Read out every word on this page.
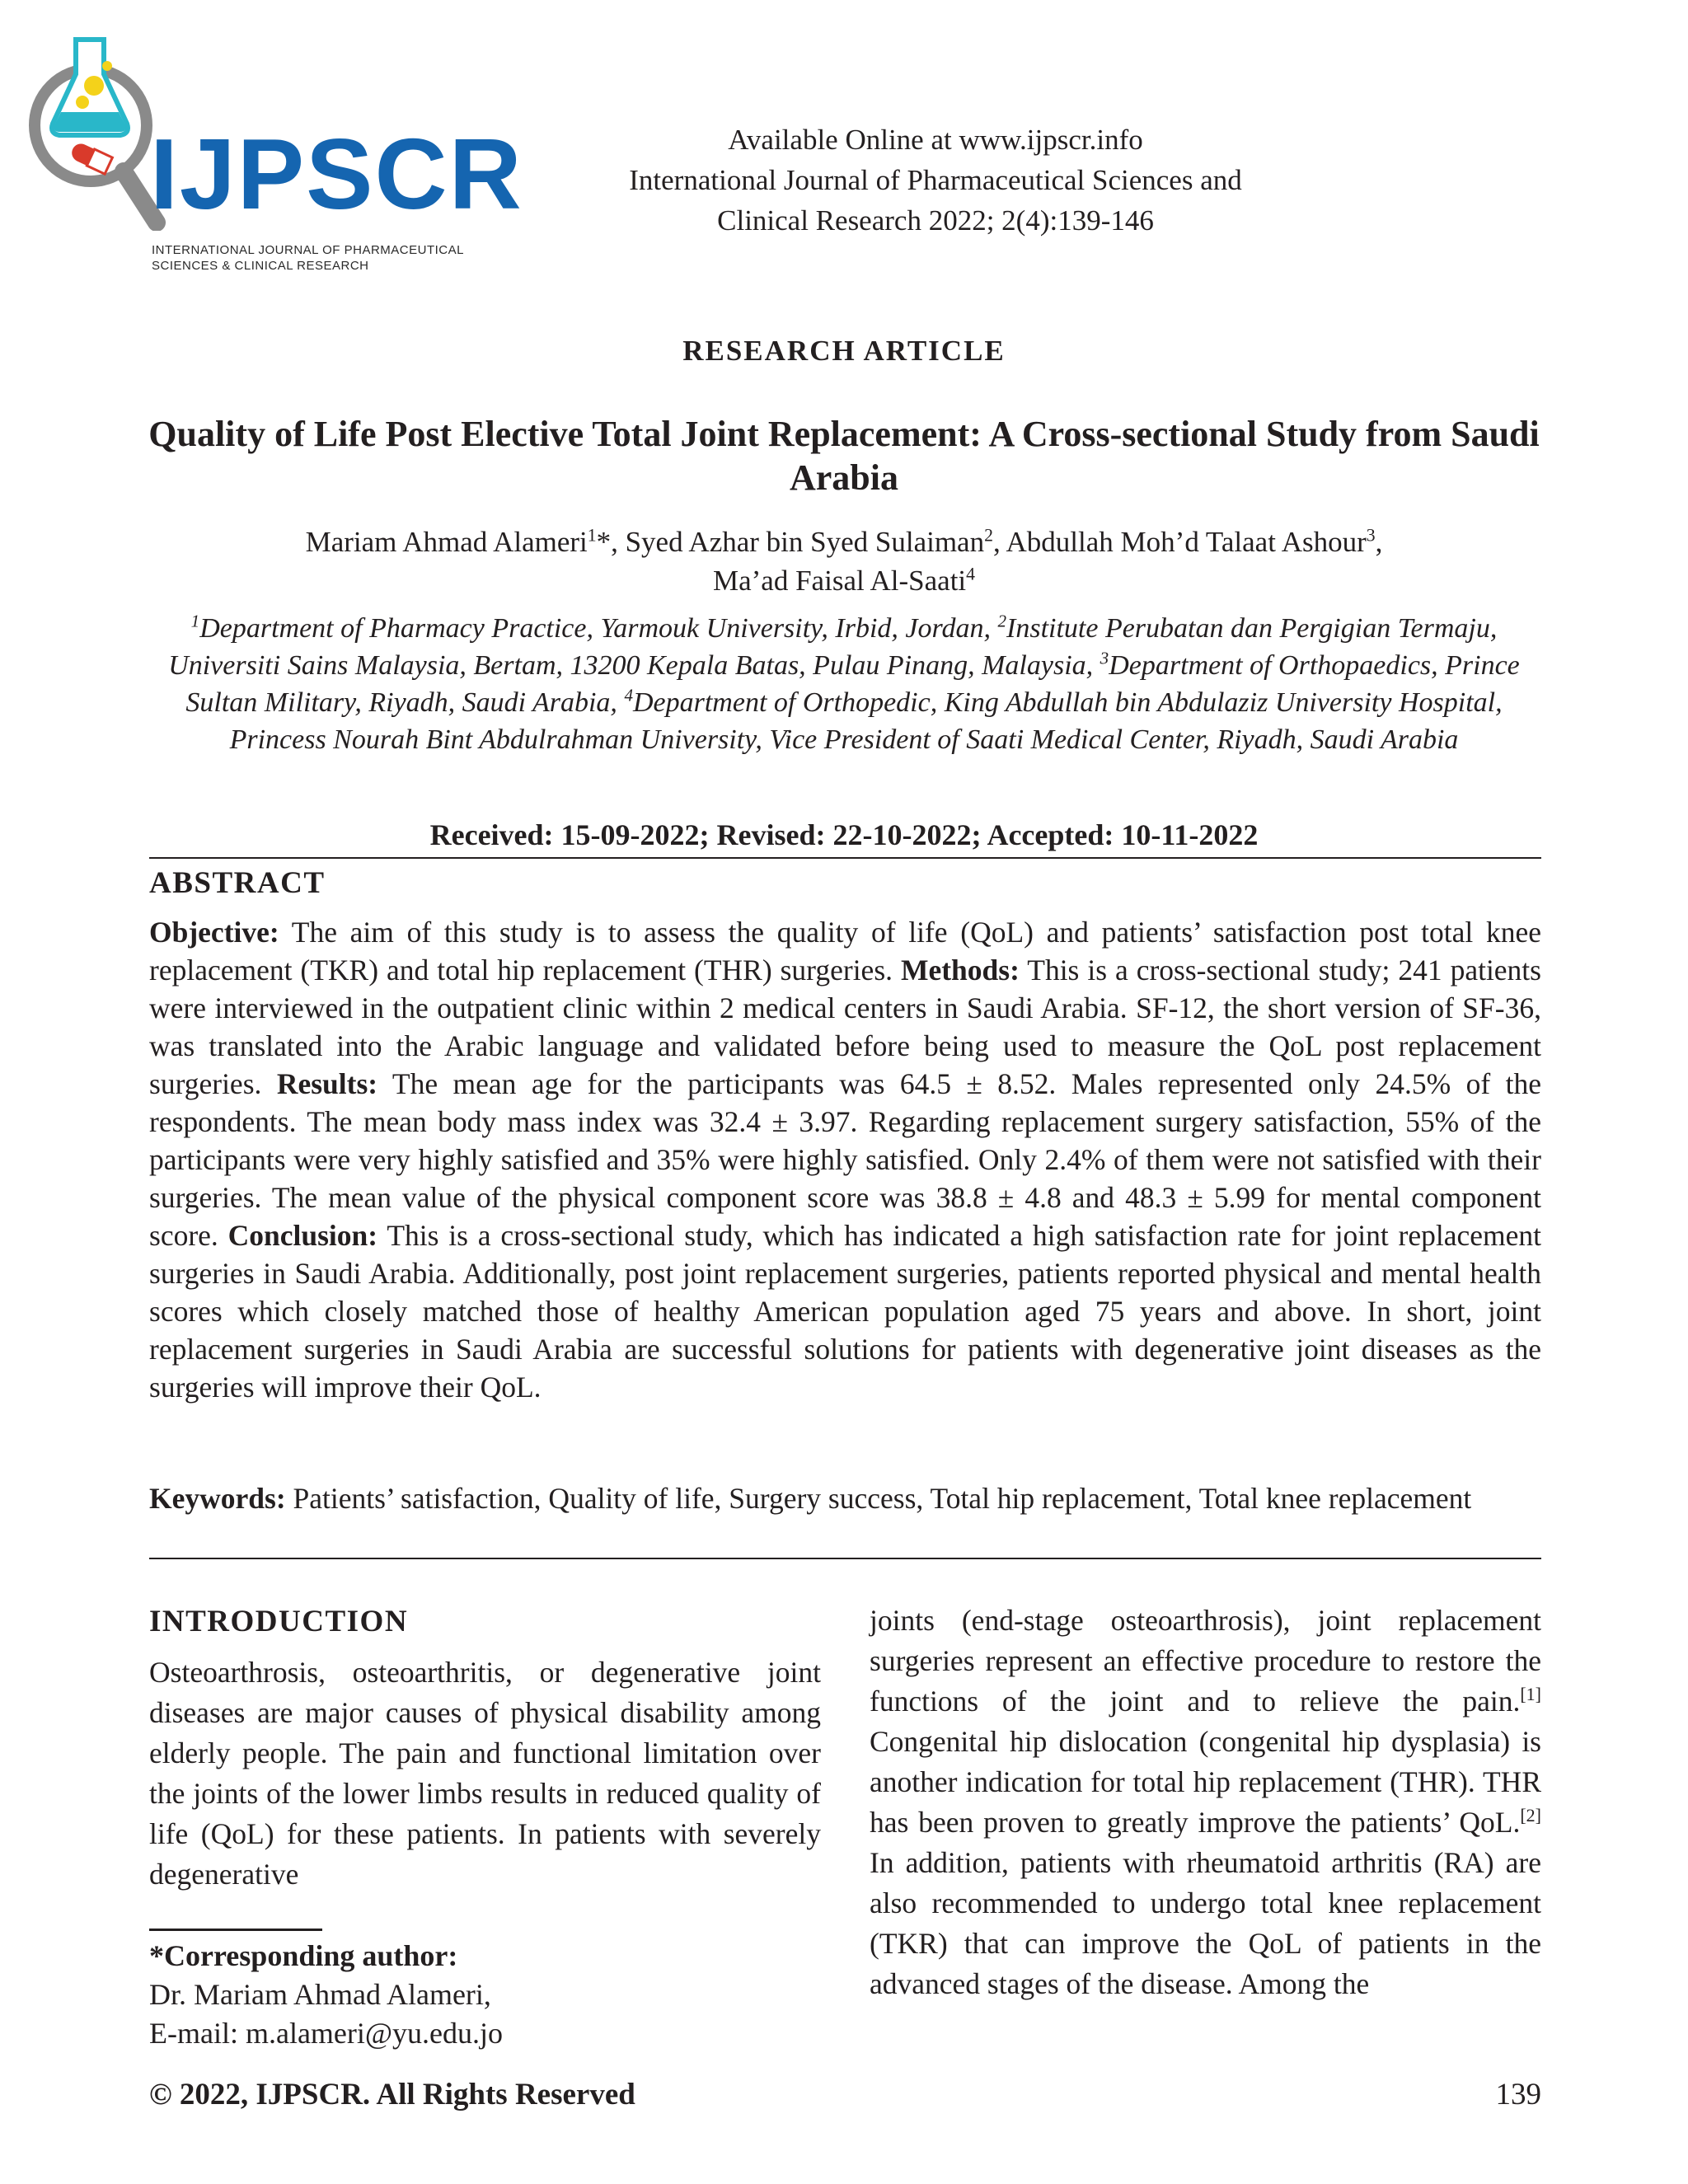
IJPSCR
INTERNATIONAL JOURNAL OF PHARMACEUTICAL
SCIENCES & CLINICAL RESEARCH
Available Online at www.ijpscr.info
International Journal of Pharmaceutical Sciences and
Clinical Research 2022; 2(4):139-146
RESEARCH ARTICLE
Quality of Life Post Elective Total Joint Replacement: A Cross-sectional Study from Saudi Arabia
Mariam Ahmad Alameri$^1$*, Syed Azhar bin Syed Sulaiman$^2$, Abdullah Moh’d Talaat Ashour$^3$,
Ma’ad Faisal Al-Saati$^4$
$^1$Department of Pharmacy Practice, Yarmouk University, Irbid, Jordan, $^2$Institute Perubatan dan Pergigian Termaju, Universiti Sains Malaysia, Bertam, 13200 Kepala Batas, Pulau Pinang, Malaysia, $^3$Department of Orthopaedics, Prince Sultan Military, Riyadh, Saudi Arabia, $^4$Department of Orthopedic, King Abdullah bin Abdulaziz University Hospital, Princess Nourah Bint Abdulrahman University, Vice President of Saati Medical Center, Riyadh, Saudi Arabia
Received: 15-09-2022; Revised: 22-10-2022; Accepted: 10-11-2022
ABSTRACT
Objective: The aim of this study is to assess the quality of life (QoL) and patients’ satisfaction post total knee replacement (TKR) and total hip replacement (THR) surgeries. Methods: This is a cross-sectional study; 241 patients were interviewed in the outpatient clinic within 2 medical centers in Saudi Arabia. SF-12, the short version of SF-36, was translated into the Arabic language and validated before being used to measure the QoL post replacement surgeries. Results: The mean age for the participants was 64.5 ± 8.52. Males represented only 24.5% of the respondents. The mean body mass index was 32.4 ± 3.97. Regarding replacement surgery satisfaction, 55% of the participants were very highly satisfied and 35% were highly satisfied. Only 2.4% of them were not satisfied with their surgeries. The mean value of the physical component score was 38.8 ± 4.8 and 48.3 ± 5.99 for mental component score. Conclusion: This is a cross-sectional study, which has indicated a high satisfaction rate for joint replacement surgeries in Saudi Arabia. Additionally, post joint replacement surgeries, patients reported physical and mental health scores which closely matched those of healthy American population aged 75 years and above. In short, joint replacement surgeries in Saudi Arabia are successful solutions for patients with degenerative joint diseases as the surgeries will improve their QoL.
Keywords: Patients’ satisfaction, Quality of life, Surgery success, Total hip replacement, Total knee replacement
INTRODUCTION
Osteoarthrosis, osteoarthritis, or degenerative joint diseases are major causes of physical disability among elderly people. The pain and functional limitation over the joints of the lower limbs results in reduced quality of life (QoL) for these patients. In patients with severely degenerative
*Corresponding author:
Dr. Mariam Ahmad Alameri,
E-mail: m.alameri@yu.edu.jo
joints (end-stage osteoarthrosis), joint replacement surgeries represent an effective procedure to restore the functions of the joint and to relieve the pain.[1] Congenital hip dislocation (congenital hip dysplasia) is another indication for total hip replacement (THR). THR has been proven to greatly improve the patients’ QoL.[2] In addition, patients with rheumatoid arthritis (RA) are also recommended to undergo total knee replacement (TKR) that can improve the QoL of patients in the advanced stages of the disease. Among the
© 2022, IJPSCR. All Rights Reserved	139
